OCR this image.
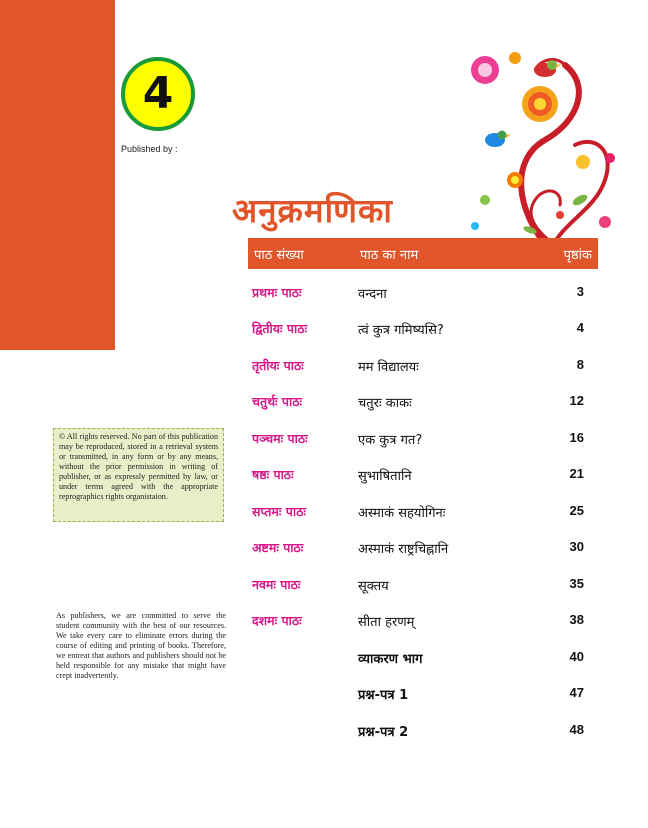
4
Published by :
© All rights reserved. No part of this publication may be reproduced, stored in a retrieval system or transmitted, in any form or by any means, without the prior permission in writing of publisher, or as expressly permitted by law, or under terms agreed with the appropriate reprographics rights organistaion.
As publishers, we are committed to serve the student community with the best of our resources. We take every care to eliminate errors during the course of editing and printing of books. Therefore, we entreat that authors and publishers should not be held responsible for any mistake that might have crept inadvertently.
अनुक्रमणिका
पाठ संख्या	पाठ का नाम	पृष्ठांक
प्रथमः पाठः	वन्दना	3
द्वितीयः पाठः	त्वं कुत्र गमिष्यसि?	4
तृतीयः पाठः	मम विद्यालयः	8
चतुर्थः पाठः	चतुरः काकः	12
पञ्चमः पाठः	एक कुत्र गत?	16
षष्ठः पाठः	सुभाषितानि	21
सप्तमः पाठः	अस्माकं सहयोगिनः	25
अष्टमः पाठः	अस्माकं राष्ट्रचिह्नानि	30
नवमः पाठः	सूक्तय	35
दशमः पाठः	सीता हरणम्	38
व्याकरण भाग	40
प्रश्न-पत्र 1	47
प्रश्न-पत्र 2	48
